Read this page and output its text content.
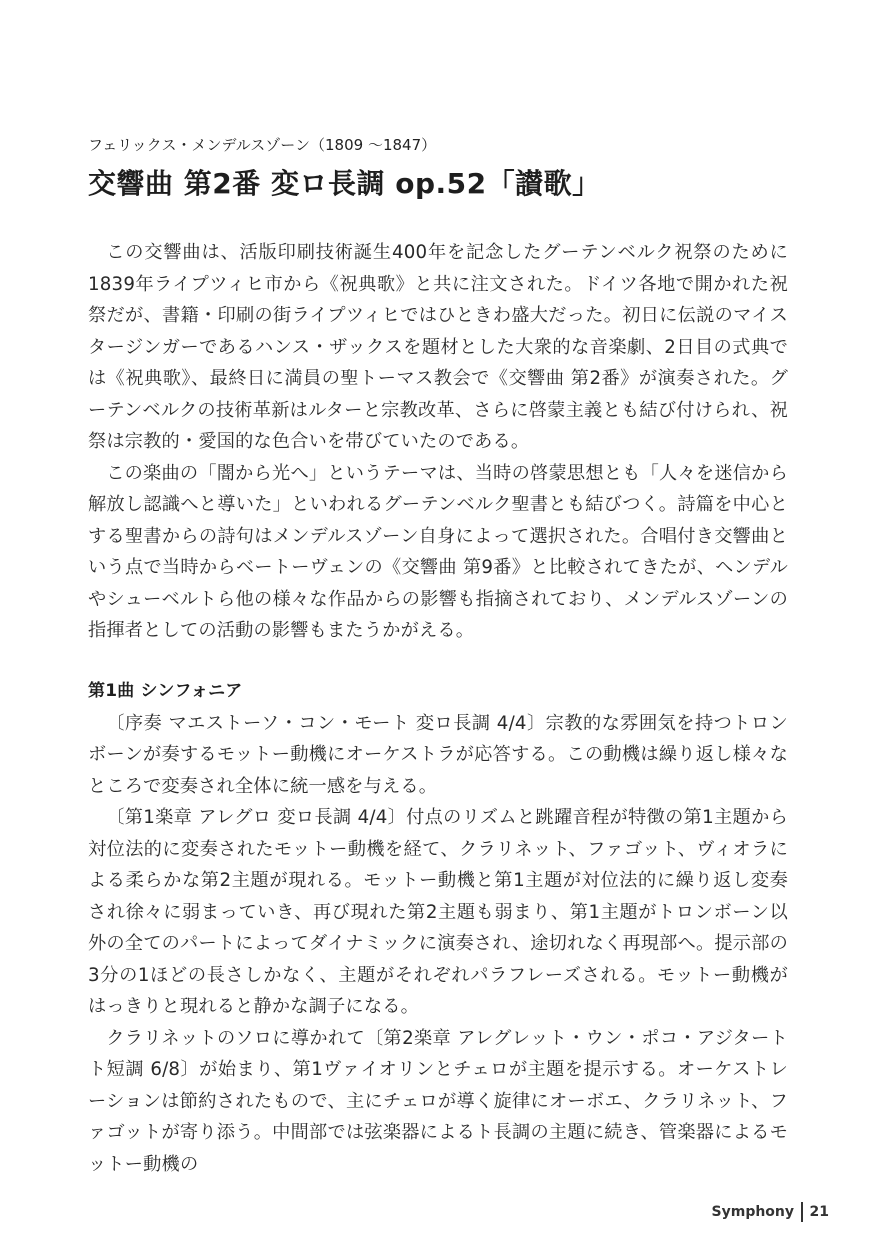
フェリックス・メンデルスゾーン（1809 ～1847）
交響曲 第2番 変ロ長調 op.52「讃歌」

この交響曲は、活版印刷技術誕生400年を記念したグーテンベルク祝祭のために1839年ライプツィヒ市から《祝典歌》と共に注文された。ドイツ各地で開かれた祝祭だが、書籍・印刷の街ライプツィヒではひときわ盛大だった。初日に伝説のマイスタージンガーであるハンス・ザックスを題材とした大衆的な音楽劇、2日目の式典では《祝典歌》、最終日に満員の聖トーマス教会で《交響曲 第2番》が演奏された。グーテンベルクの技術革新はルターと宗教改革、さらに啓蒙主義とも結び付けられ、祝祭は宗教的・愛国的な色合いを帯びていたのである。

この楽曲の「闇から光へ」というテーマは、当時の啓蒙思想とも「人々を迷信から解放し認識へと導いた」といわれるグーテンベルク聖書とも結びつく。詩篇を中心とする聖書からの詩句はメンデルスゾーン自身によって選択された。合唱付き交響曲という点で当時からベートーヴェンの《交響曲 第9番》と比較されてきたが、ヘンデルやシューベルトら他の様々な作品からの影響も指摘されており、メンデルスゾーンの指揮者としての活動の影響もまたうかがえる。

第1曲 シンフォニア

〔序奏 マエストーソ・コン・モート 変ロ長調 4/4〕宗教的な雰囲気を持つトロンボーンが奏するモットー動機にオーケストラが応答する。この動機は繰り返し様々なところで変奏され全体に統一感を与える。

〔第1楽章 アレグロ 変ロ長調 4/4〕付点のリズムと跳躍音程が特徴の第1主題から対位法的に変奏されたモットー動機を経て、クラリネット、ファゴット、ヴィオラによる柔らかな第2主題が現れる。モットー動機と第1主題が対位法的に繰り返し変奏され徐々に弱まっていき、再び現れた第2主題も弱まり、第1主題がトロンボーン以外の全てのパートによってダイナミックに演奏され、途切れなく再現部へ。提示部の3分の1ほどの長さしかなく、主題がそれぞれパラフレーズされる。モットー動機がはっきりと現れると静かな調子になる。

クラリネットのソロに導かれて〔第2楽章 アレグレット・ウン・ポコ・アジタート ト短調 6/8〕が始まり、第1ヴァイオリンとチェロが主題を提示する。オーケストレーションは節約されたもので、主にチェロが導く旋律にオーボエ、クラリネット、ファゴットが寄り添う。中間部では弦楽器によるト長調の主題に続き、管楽器によるモットー動機の

Symphony 21
